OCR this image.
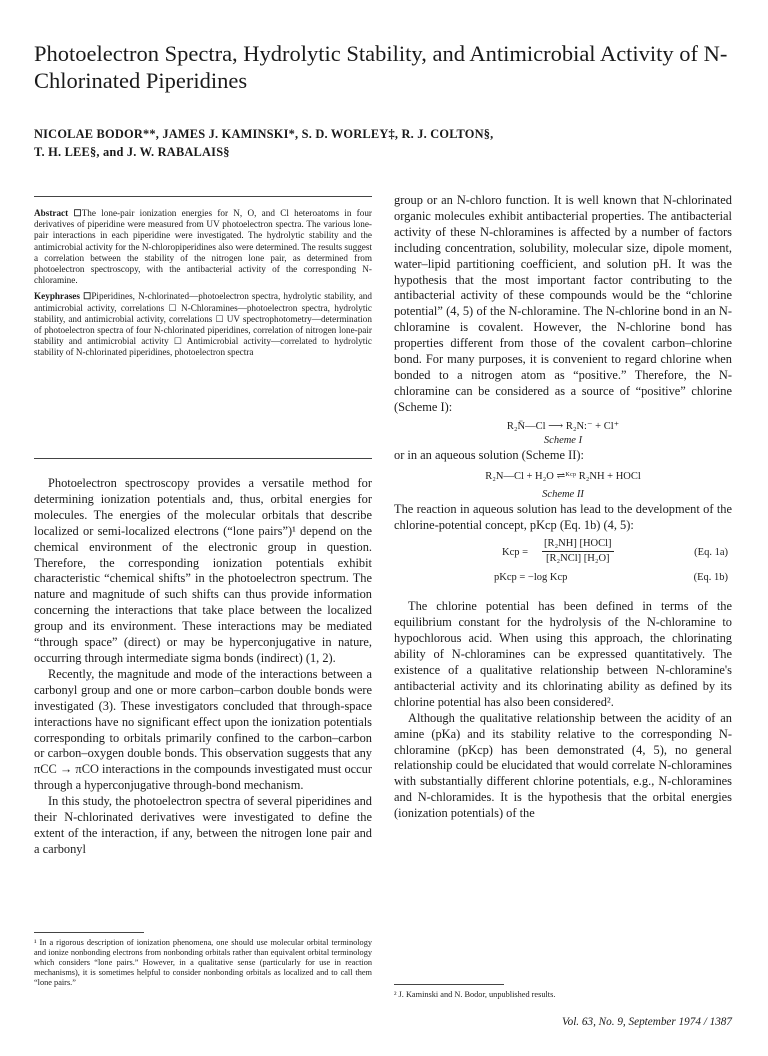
Photoelectron Spectra, Hydrolytic Stability, and Antimicrobial Activity of N-Chlorinated Piperidines
NICOLAE BODOR**, JAMES J. KAMINSKI*, S. D. WORLEY‡, R. J. COLTON§,
T. H. LEE§, and J. W. RABALAIS§

Abstract ☐The lone-pair ionization energies for N, O, and Cl heteroatoms in four derivatives of piperidine were measured from UV photoelectron spectra. The various lone-pair interactions in each piperidine were investigated. The hydrolytic stability and the antimicrobial activity for the N-chloropiperidines also were determined. The results suggest a correlation between the stability of the nitrogen lone pair, as determined from photoelectron spectroscopy, with the antibacterial activity of the corresponding N-chloramine.

Keyphrases ☐Piperidines, N-chlorinated—photoelectron spectra, hydrolytic stability, and antimicrobial activity, correlations ☐ N-Chloramines—photoelectron spectra, hydrolytic stability, and antimicrobial activity, correlations ☐ UV spectrophotometry—determination of photoelectron spectra of four N-chlorinated piperidines, correlation of nitrogen lone-pair stability and antimicrobial activity ☐ Antimicrobial activity—correlated to hydrolytic stability of N-chlorinated piperidines, photoelectron spectra

Photoelectron spectroscopy provides a versatile method for determining ionization potentials and, thus, orbital energies for molecules. The energies of the molecular orbitals that describe localized or semi-localized electrons (“lone pairs”)¹ depend on the chemical environment of the electronic group in question. Therefore, the corresponding ionization potentials exhibit characteristic “chemical shifts” in the photoelectron spectrum. The nature and magnitude of such shifts can thus provide information concerning the interactions that take place between the localized group and its environment. These interactions may be mediated “through space” (direct) or may be hyperconjugative in nature, occurring through intermediate sigma bonds (indirect) (1, 2).

Recently, the magnitude and mode of the interactions between a carbonyl group and one or more carbon–carbon double bonds were investigated (3). These investigators concluded that through-space interactions have no significant effect upon the ionization potentials corresponding to orbitals primarily confined to the carbon–carbon or carbon–oxygen double bonds. This observation suggests that any πCC → πCO interactions in the compounds investigated must occur through a hyperconjugative through-bond mechanism.

In this study, the photoelectron spectra of several piperidines and their N-chlorinated derivatives were investigated to define the extent of the interaction, if any, between the nitrogen lone pair and a carbonyl

¹ In a rigorous description of ionization phenomena, one should use molecular orbital terminology and ionize nonbonding electrons from nonbonding orbitals rather than equivalent orbital terminology which considers “lone pairs.” However, in a qualitative sense (particularly for use in reaction mechanisms), it is sometimes helpful to consider nonbonding orbitals as localized and to call them “lone pairs.”

group or an N-chloro function. It is well known that N-chlorinated organic molecules exhibit antibacterial properties. The antibacterial activity of these N-chloramines is affected by a number of factors including concentration, solubility, molecular size, dipole moment, water–lipid partitioning coefficient, and solution pH. It was the hypothesis that the most important factor contributing to the antibacterial activity of these compounds would be the “chlorine potential” (4, 5) of the N-chloramine. The N-chlorine bond in an N-chloramine is covalent. However, the N-chlorine bond has properties different from those of the covalent carbon–chlorine bond. For many purposes, it is convenient to regard chlorine when bonded to a nitrogen atom as “positive.” Therefore, the N-chloramine can be considered as a source of “positive” chlorine (Scheme I):

R₂N̈—Cl ⟶ R₂N:⁻ + Cl⁺

Scheme I

or in an aqueous solution (Scheme II):

R₂N—Cl + H₂O ⇌ᴷᶜᵖ R₂NH + HOCl

Scheme II

The reaction in aqueous solution has lead to the development of the chlorine-potential concept, pKcp (Eq. 1b) (4, 5):

Kcp =
[R₂NH] [HOCl]
[R₂NCl] [H₂O]
(Eq. 1a)
pKcp = −log Kcp	(Eq. 1b)

The chlorine potential has been defined in terms of the equilibrium constant for the hydrolysis of the N-chloramine to hypochlorous acid. When using this approach, the chlorinating ability of N-chloramines can be expressed quantitatively. The existence of a qualitative relationship between N-chloramine's antibacterial activity and its chlorinating ability as defined by its chlorine potential has also been considered².

Although the qualitative relationship between the acidity of an amine (pKa) and its stability relative to the corresponding N-chloramine (pKcp) has been demonstrated (4, 5), no general relationship could be elucidated that would correlate N-chloramines with substantially different chlorine potentials, e.g., N-chloramines and N-chloramides. It is the hypothesis that the orbital energies (ionization potentials) of the

² J. Kaminski and N. Bodor, unpublished results.
Vol. 63, No. 9, September 1974 / 1387
